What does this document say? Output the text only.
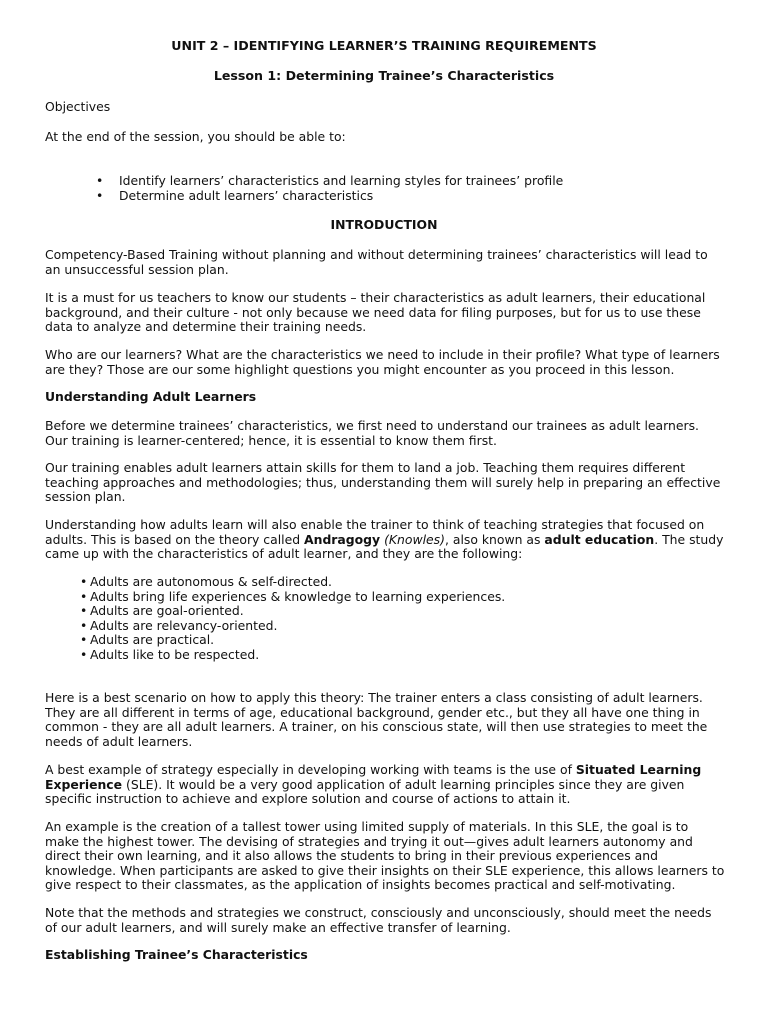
UNIT 2 – IDENTIFYING LEARNER’S TRAINING REQUIREMENTS

Lesson 1: Determining Trainee’s Characteristics

Objectives

At the end of the session, you should be able to:

• Identify learners’ characteristics and learning styles for trainees’ profile
• Determine adult learners’ characteristics

INTRODUCTION

Competency-Based Training without planning and without determining trainees’ characteristics will lead to an unsuccessful session plan.

It is a must for us teachers to know our students – their characteristics as adult learners, their educational background, and their culture - not only because we need data for filing purposes, but for us to use these data to analyze and determine their training needs.

Who are our learners? What are the characteristics we need to include in their profile? What type of learners are they? Those are our some highlight questions you might encounter as you proceed in this lesson.

Understanding Adult Learners

Before we determine trainees’ characteristics, we first need to understand our trainees as adult learners. Our training is learner-centered; hence, it is essential to know them first.

Our training enables adult learners attain skills for them to land a job. Teaching them requires different teaching approaches and methodologies; thus, understanding them will surely help in preparing an effective session plan.

Understanding how adults learn will also enable the trainer to think of teaching strategies that focused on adults. This is based on the theory called Andragogy (Knowles), also known as adult education. The study came up with the characteristics of adult learner, and they are the following:

• Adults are autonomous & self-directed.
• Adults bring life experiences & knowledge to learning experiences.
• Adults are goal-oriented.
• Adults are relevancy-oriented.
• Adults are practical.
• Adults like to be respected.

Here is a best scenario on how to apply this theory: The trainer enters a class consisting of adult learners. They are all different in terms of age, educational background, gender etc., but they all have one thing in common - they are all adult learners. A trainer, on his conscious state, will then use strategies to meet the needs of adult learners.

A best example of strategy especially in developing working with teams is the use of Situated Learning Experience (SLE). It would be a very good application of adult learning principles since they are given specific instruction to achieve and explore solution and course of actions to attain it.

An example is the creation of a tallest tower using limited supply of materials. In this SLE, the goal is to make the highest tower. The devising of strategies and trying it out—gives adult learners autonomy and direct their own learning, and it also allows the students to bring in their previous experiences and knowledge. When participants are asked to give their insights on their SLE experience, this allows learners to give respect to their classmates, as the application of insights becomes practical and self-motivating.

Note that the methods and strategies we construct, consciously and unconsciously, should meet the needs of our adult learners, and will surely make an effective transfer of learning.

Establishing Trainee’s Characteristics
